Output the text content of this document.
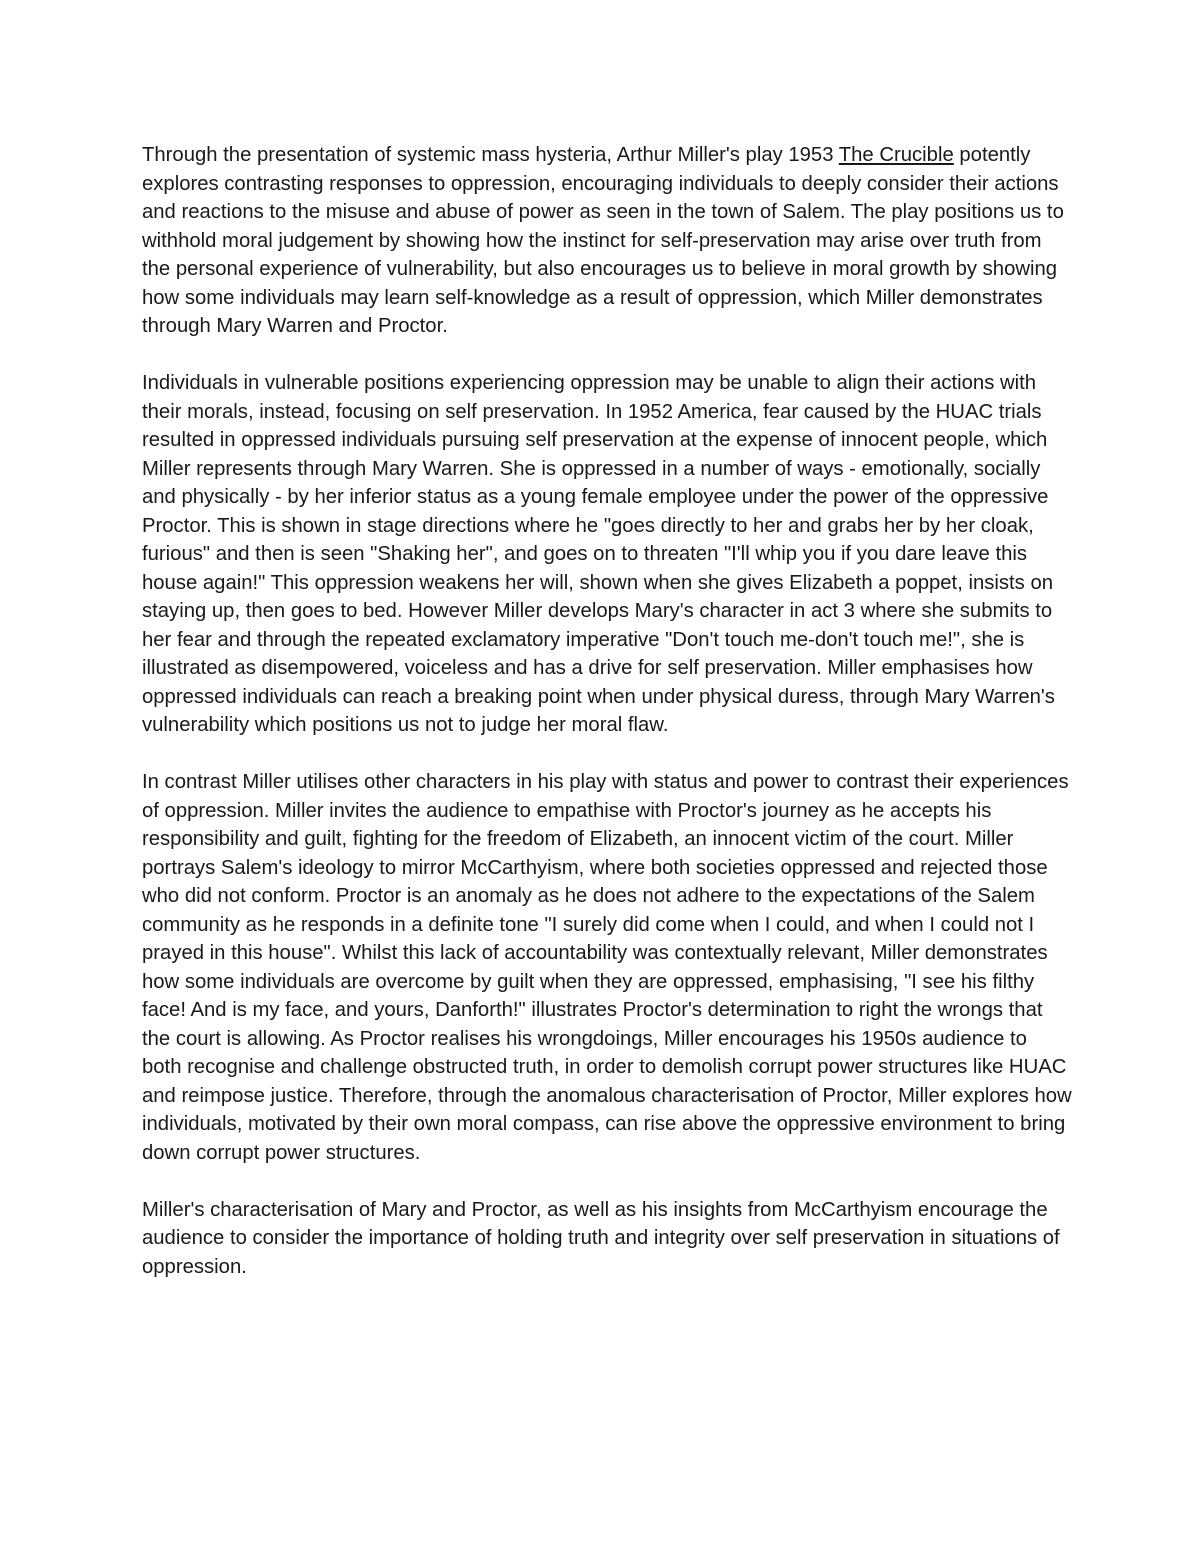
Through the presentation of systemic mass hysteria, Arthur Miller's play 1953 The Crucible potently explores contrasting responses to oppression, encouraging individuals to deeply consider their actions and reactions to the misuse and abuse of power as seen in the town of Salem. The play positions us to withhold moral judgement by showing how the instinct for self-preservation may arise over truth from the personal experience of vulnerability, but also encourages us to believe in moral growth by showing how some individuals may learn self-knowledge as a result of oppression, which Miller demonstrates through Mary Warren and Proctor.

Individuals in vulnerable positions experiencing oppression may be unable to align their actions with their morals, instead, focusing on self preservation. In 1952 America, fear caused by the HUAC trials resulted in oppressed individuals pursuing self preservation at the expense of innocent people, which Miller represents through Mary Warren. She is oppressed in a number of ways - emotionally, socially and physically - by her inferior status as a young female employee under the power of the oppressive Proctor. This is shown in stage directions where he "goes directly to her and grabs her by her cloak, furious" and then is seen "Shaking her", and goes on to threaten "I'll whip you if you dare leave this house again!" This oppression weakens her will, shown when she gives Elizabeth a poppet, insists on staying up, then goes to bed. However Miller develops Mary's character in act 3 where she submits to her fear and through the repeated exclamatory imperative "Don't touch me-don't touch me!", she is illustrated as disempowered, voiceless and has a drive for self preservation. Miller emphasises how oppressed individuals can reach a breaking point when under physical duress, through Mary Warren's vulnerability which positions us not to judge her moral flaw.

In contrast Miller utilises other characters in his play with status and power to contrast their experiences of oppression. Miller invites the audience to empathise with Proctor's journey as he accepts his responsibility and guilt, fighting for the freedom of Elizabeth, an innocent victim of the court. Miller portrays Salem's ideology to mirror McCarthyism, where both societies oppressed and rejected those who did not conform. Proctor is an anomaly as he does not adhere to the expectations of the Salem community as he responds in a definite tone "I surely did come when I could, and when I could not I prayed in this house". Whilst this lack of accountability was contextually relevant, Miller demonstrates how some individuals are overcome by guilt when they are oppressed, emphasising, "I see his filthy face! And is my face, and yours, Danforth!" illustrates Proctor's determination to right the wrongs that the court is allowing. As Proctor realises his wrongdoings, Miller encourages his 1950s audience to both recognise and challenge obstructed truth, in order to demolish corrupt power structures like HUAC and reimpose justice. Therefore, through the anomalous characterisation of Proctor, Miller explores how individuals, motivated by their own moral compass, can rise above the oppressive environment to bring down corrupt power structures.

Miller's characterisation of Mary and Proctor, as well as his insights from McCarthyism encourage the audience to consider the importance of holding truth and integrity over self preservation in situations of oppression.
